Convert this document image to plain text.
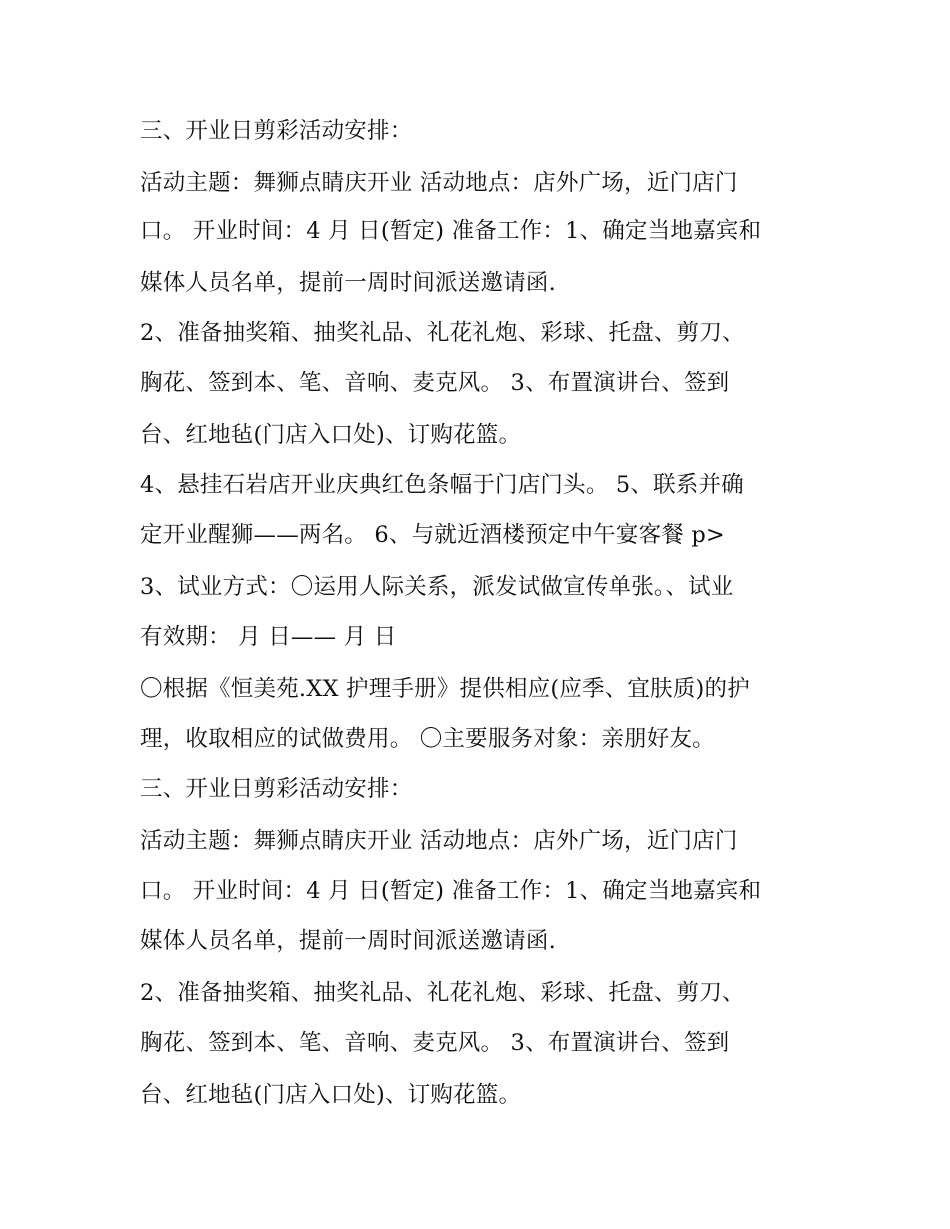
三、开业日剪彩活动安排：

活动主题：舞狮点睛庆开业 活动地点：店外广场，近门店门

口。 开业时间：4 月 日(暂定) 准备工作：1、确定当地嘉宾和

媒体人员名单，提前一周时间派送邀请函.

2、准备抽奖箱、抽奖礼品、礼花礼炮、彩球、托盘、剪刀、

胸花、签到本、笔、音响、麦克风。 3、布置演讲台、签到

台、红地毡(门店入口处)、订购花篮。

4、悬挂石岩店开业庆典红色条幅于门店门头。 5、联系并确

定开业醒狮——两名。 6、与就近酒楼预定中午宴客餐 p>

3、试业方式：〇运用人际关系，派发试做宣传单张。、试业

有效期： 月 日—— 月 日

〇根据《恒美苑.XX 护理手册》提供相应(应季、宜肤质)的护

理，收取相应的试做费用。 〇主要服务对象：亲朋好友。

三、开业日剪彩活动安排：

活动主题：舞狮点睛庆开业 活动地点：店外广场，近门店门

口。 开业时间：4 月 日(暂定) 准备工作：1、确定当地嘉宾和

媒体人员名单，提前一周时间派送邀请函.

2、准备抽奖箱、抽奖礼品、礼花礼炮、彩球、托盘、剪刀、

胸花、签到本、笔、音响、麦克风。 3、布置演讲台、签到

台、红地毡(门店入口处)、订购花篮。
